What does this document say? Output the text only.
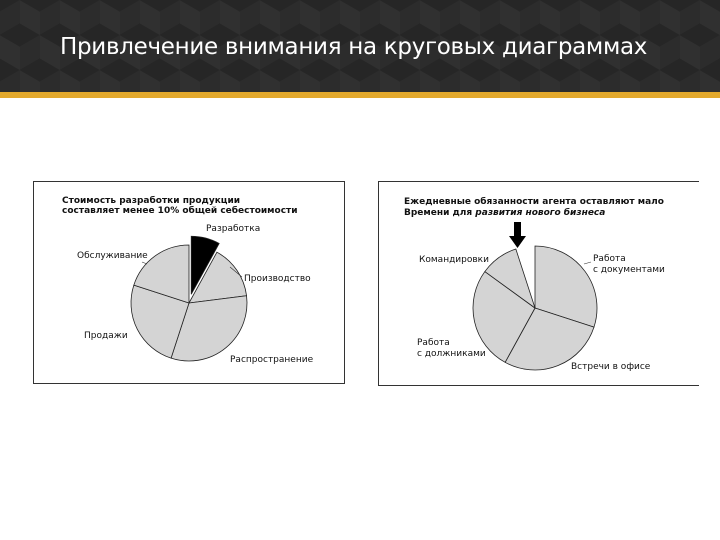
Привлечение внимания на круговых диаграммах
Стоимость разработки продукции
составляет менее 10% общей себестоимости
Разработка
Производство
Распространение
Продажи
Обслуживание
Ежедневные обязанности агента оставляют мало
Времени для развития нового бизнеса
Командировки	Работа
с документами
Работа
с должниками
Встречи в офисе
